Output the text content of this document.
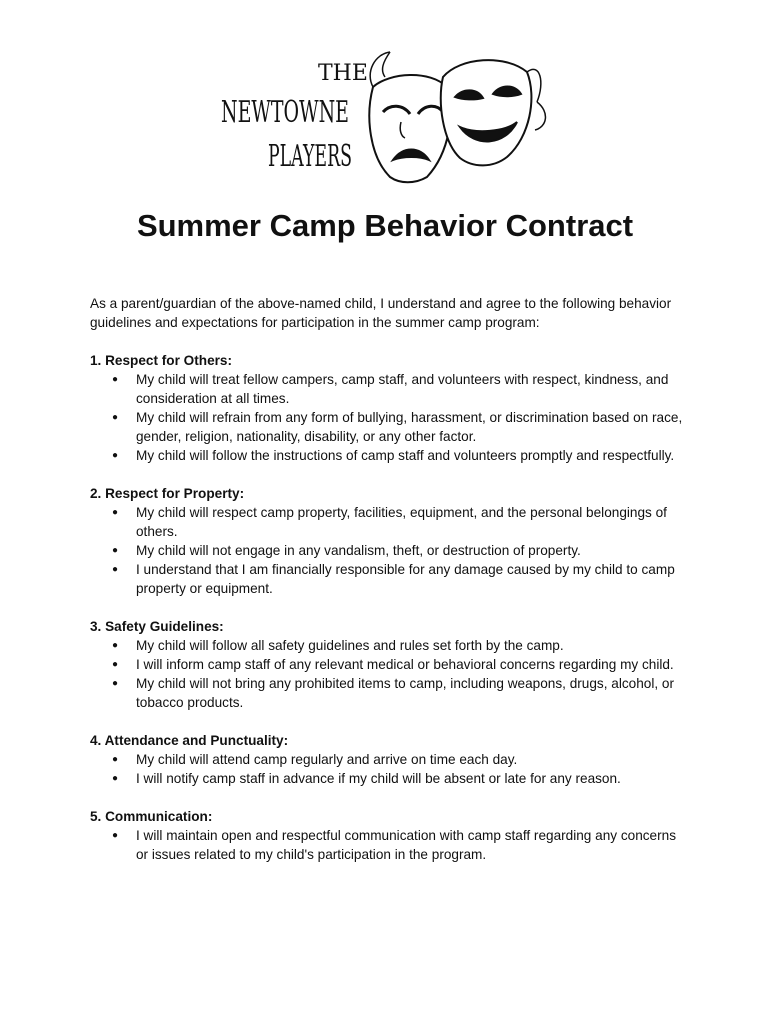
THE
NEWTOWNE
PLAYERS
Summer Camp Behavior Contract

As a parent/guardian of the above-named child, I understand and agree to the following behavior guidelines and expectations for participation in the summer camp program:

1. Respect for Others:

● My child will treat fellow campers, camp staff, and volunteers with respect, kindness, and consideration at all times.
● My child will refrain from any form of bullying, harassment, or discrimination based on race, gender, religion, nationality, disability, or any other factor.
● My child will follow the instructions of camp staff and volunteers promptly and respectfully.

2. Respect for Property:

● My child will respect camp property, facilities, equipment, and the personal belongings of others.
● My child will not engage in any vandalism, theft, or destruction of property.
● I understand that I am financially responsible for any damage caused by my child to camp property or equipment.

3. Safety Guidelines:

● My child will follow all safety guidelines and rules set forth by the camp.
● I will inform camp staff of any relevant medical or behavioral concerns regarding my child.
● My child will not bring any prohibited items to camp, including weapons, drugs, alcohol, or tobacco products.

4. Attendance and Punctuality:

● My child will attend camp regularly and arrive on time each day.
● I will notify camp staff in advance if my child will be absent or late for any reason.

5. Communication:

● I will maintain open and respectful communication with camp staff regarding any concerns or issues related to my child's participation in the program.
